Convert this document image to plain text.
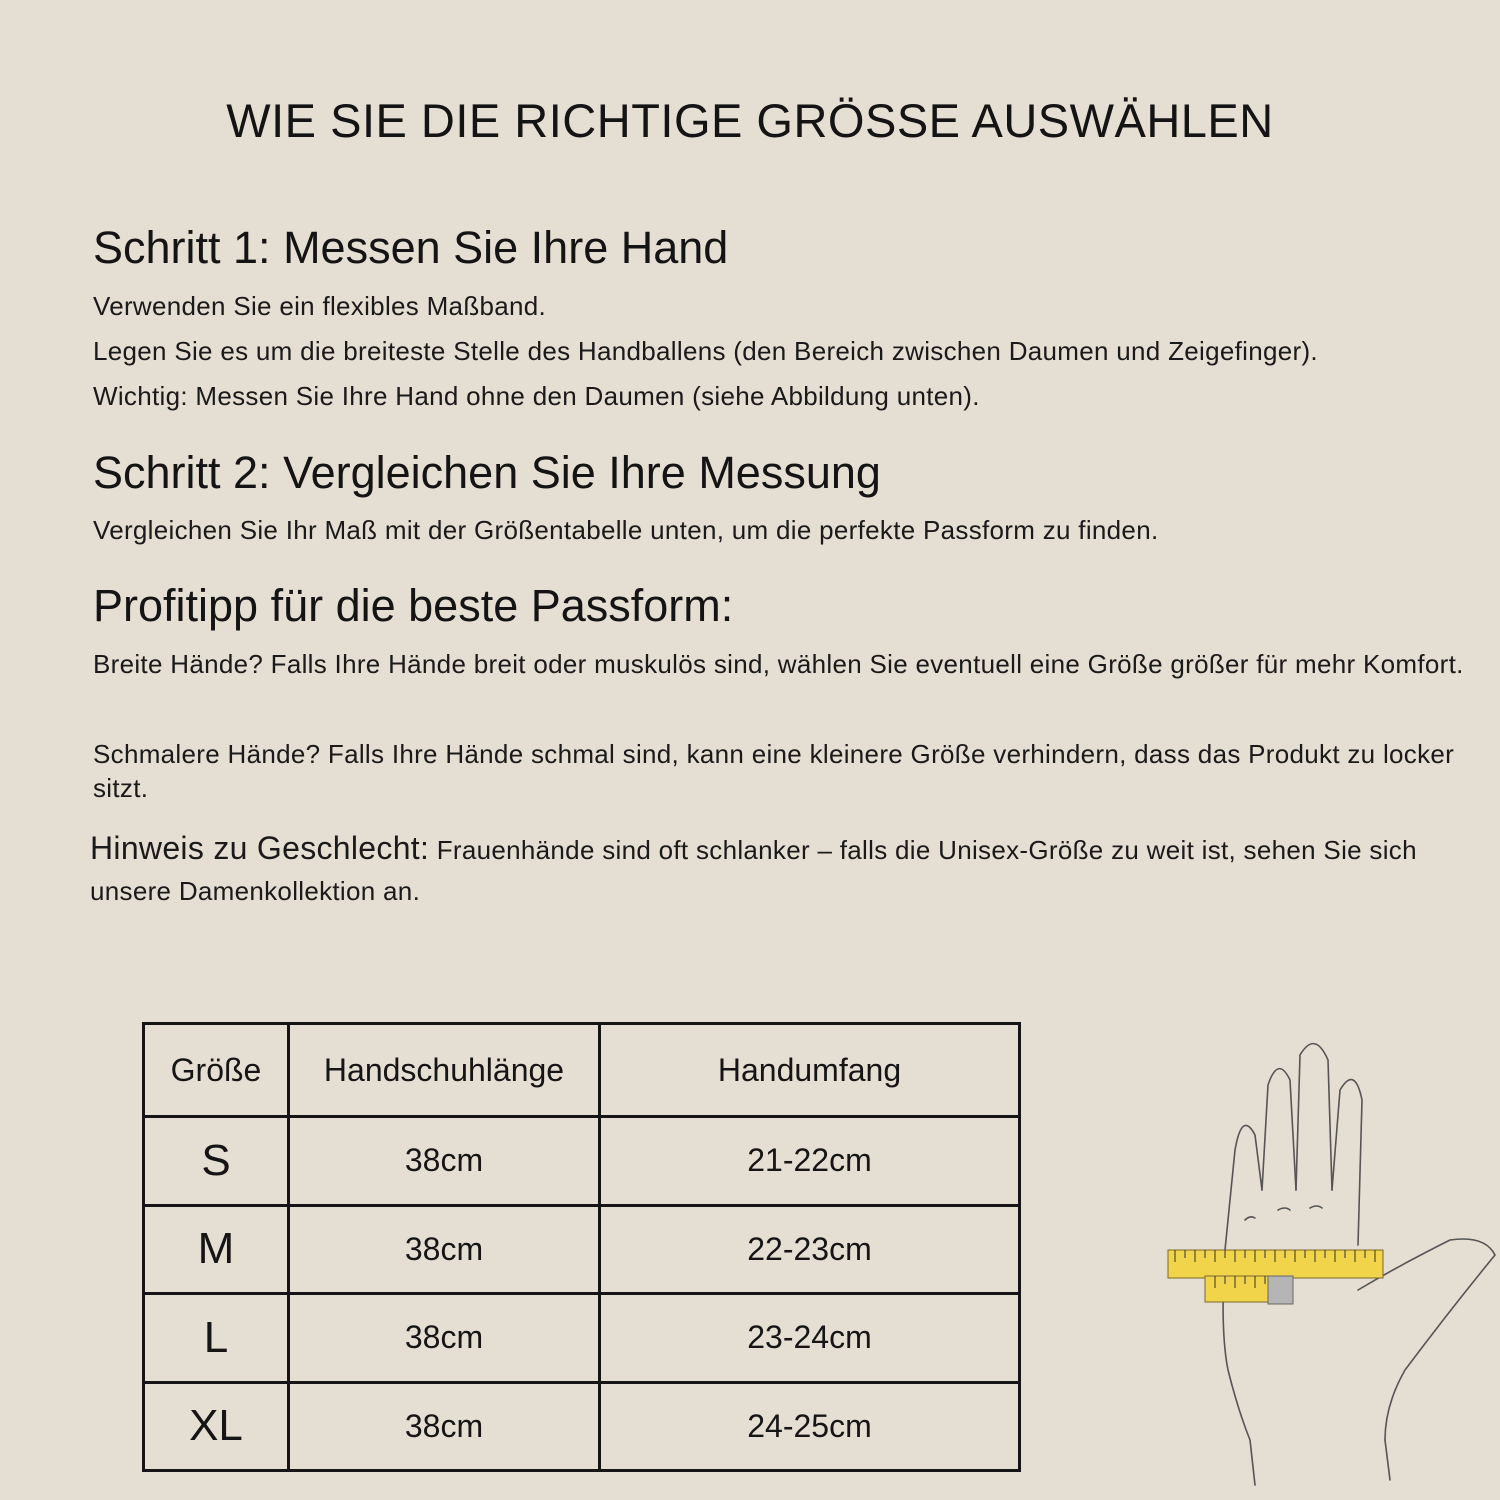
WIE SIE DIE RICHTIGE GRÖSSE AUSWÄHLEN
Schritt 1: Messen Sie Ihre Hand
Verwenden Sie ein flexibles Maßband.
Legen Sie es um die breiteste Stelle des Handballens (den Bereich zwischen Daumen und Zeigefinger).
Wichtig: Messen Sie Ihre Hand ohne den Daumen (siehe Abbildung unten).
Schritt 2: Vergleichen Sie Ihre Messung
Vergleichen Sie Ihr Maß mit der Größentabelle unten, um die perfekte Passform zu finden.
Profitipp für die beste Passform:
Breite Hände? Falls Ihre Hände breit oder muskulös sind, wählen Sie eventuell eine Größe größer für mehr Komfort.
Schmalere Hände? Falls Ihre Hände schmal sind, kann eine kleinere Größe verhindern, dass das Produkt zu locker sitzt.
Hinweis zu Geschlecht: Frauenhände sind oft schlanker – falls die Unisex-Größe zu weit ist, sehen Sie sich unsere Damenkollektion an.
Größe	Handschuhlänge	Handumfang
S	38cm	21-22cm
M	38cm	22-23cm
L	38cm	23-24cm
XL	38cm	24-25cm
